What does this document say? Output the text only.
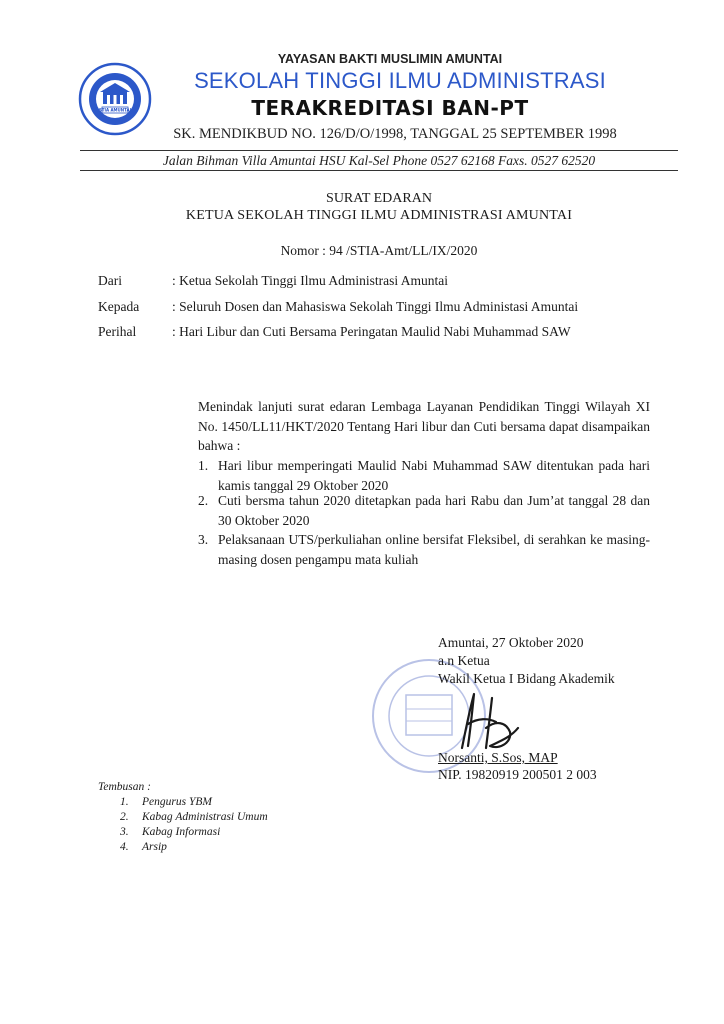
STIA AMUNTAI
YAYASAN BAKTI MUSLIMIN AMUNTAI
SEKOLAH TINGGI ILMU ADMINISTRASI
TERAKREDITASI BAN-PT
SK. MENDIKBUD NO. 126/D/O/1998, TANGGAL 25 SEPTEMBER 1998
Jalan Bihman Villa Amuntai HSU Kal-Sel Phone 0527 62168 Faxs. 0527 62520
SURAT EDARAN
KETUA SEKOLAH TINGGI ILMU ADMINISTRASI AMUNTAI
Nomor : 94 /STIA-Amt/LL/IX/2020
Dari	: Ketua Sekolah Tinggi Ilmu Administrasi Amuntai
Kepada : Seluruh Dosen dan Mahasiswa Sekolah Tinggi Ilmu Administasi Amuntai
Perihal	: Hari Libur dan Cuti Bersama Peringatan Maulid Nabi Muhammad SAW
Menindak lanjuti surat edaran Lembaga Layanan Pendidikan Tinggi Wilayah XI No. 1450/LL11/HKT/2020 Tentang Hari libur dan Cuti bersama dapat disampaikan bahwa :
1. Hari libur memperingati Maulid Nabi Muhammad SAW ditentukan pada hari kamis tanggal 29 Oktober 2020
2. Cuti bersma tahun 2020 ditetapkan pada hari Rabu dan Jum’at tanggal 28 dan 30 Oktober 2020
3. Pelaksanaan UTS/perkuliahan online bersifat Fleksibel, di serahkan ke masing-masing dosen pengampu mata kuliah
Amuntai, 27 Oktober 2020
a.n Ketua
Wakil Ketua I Bidang Akademik
Norsanti, S.Sos, MAP
NIP. 19820919 200501 2 003
Tembusan :
1. Pengurus YBM
2. Kabag Administrasi Umum
3. Kabag Informasi
4. Arsip
